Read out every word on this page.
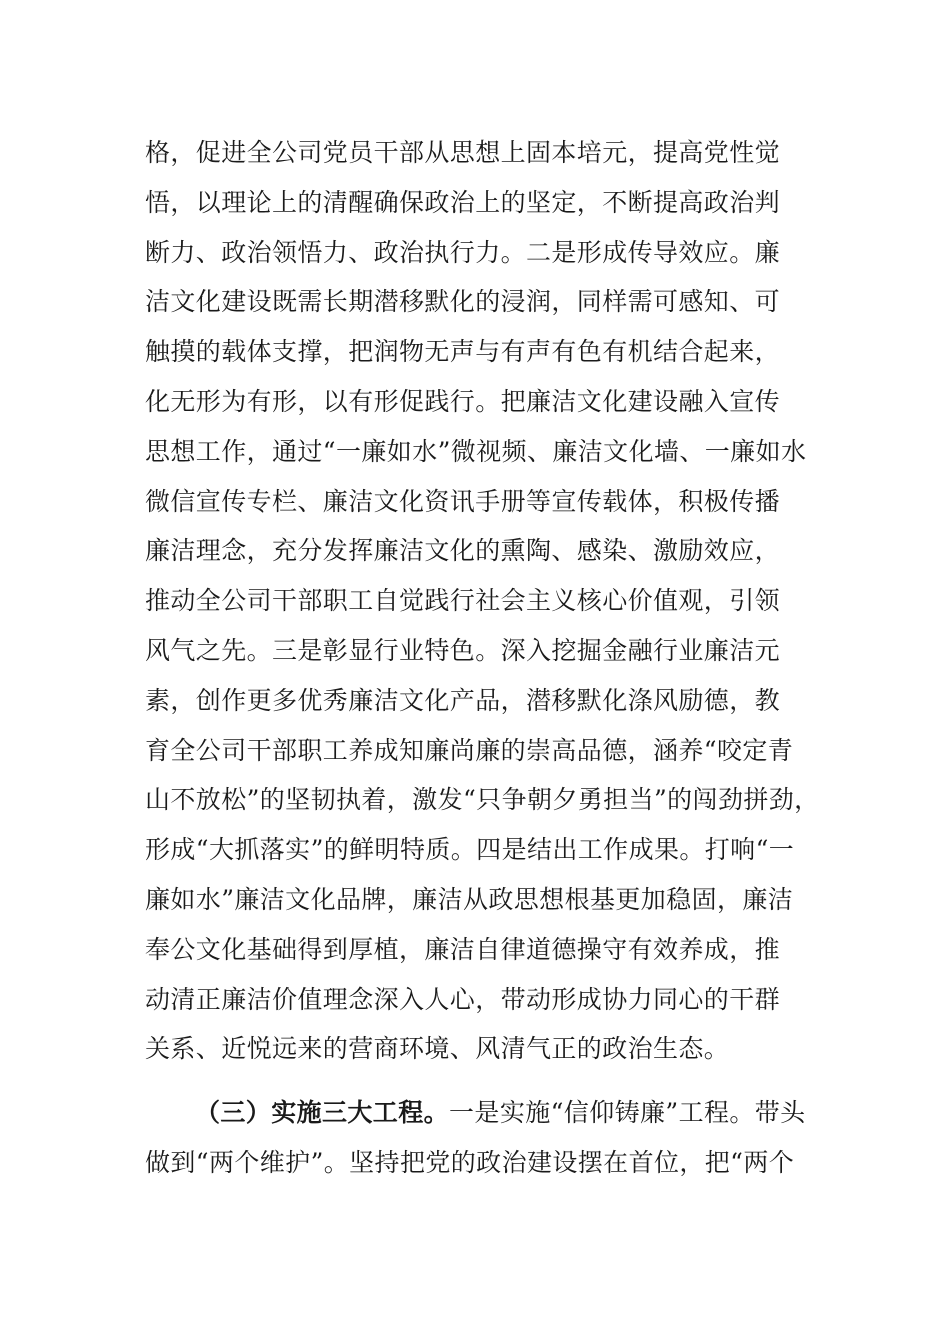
格，促进全公司党员干部从思想上固本培元，提高党性觉
悟，以理论上的清醒确保政治上的坚定，不断提高政治判
断力、政治领悟力、政治执行力。二是形成传导效应。廉
洁文化建设既需长期潜移默化的浸润，同样需可感知、可
触摸的载体支撑，把润物无声与有声有色有机结合起来，
化无形为有形，以有形促践行。把廉洁文化建设融入宣传
思想工作，通过“一廉如水”微视频、廉洁文化墙、一廉如水
微信宣传专栏、廉洁文化资讯手册等宣传载体，积极传播
廉洁理念，充分发挥廉洁文化的熏陶、感染、激励效应，
推动全公司干部职工自觉践行社会主义核心价值观，引领
风气之先。三是彰显行业特色。深入挖掘金融行业廉洁元
素，创作更多优秀廉洁文化产品，潜移默化涤风励德，教
育全公司干部职工养成知廉尚廉的崇高品德，涵养“咬定青
山不放松”的坚韧执着，激发“只争朝夕勇担当”的闯劲拼劲，
形成“大抓落实”的鲜明特质。四是结出工作成果。打响“一
廉如水”廉洁文化品牌，廉洁从政思想根基更加稳固，廉洁
奉公文化基础得到厚植，廉洁自律道德操守有效养成，推
动清正廉洁价值理念深入人心，带动形成协力同心的干群
关系、近悦远来的营商环境、风清气正的政治生态。
（三）实施三大工程。一是实施“信仰铸廉”工程。带头
做到“两个维护”。坚持把党的政治建设摆在首位，把“两个
